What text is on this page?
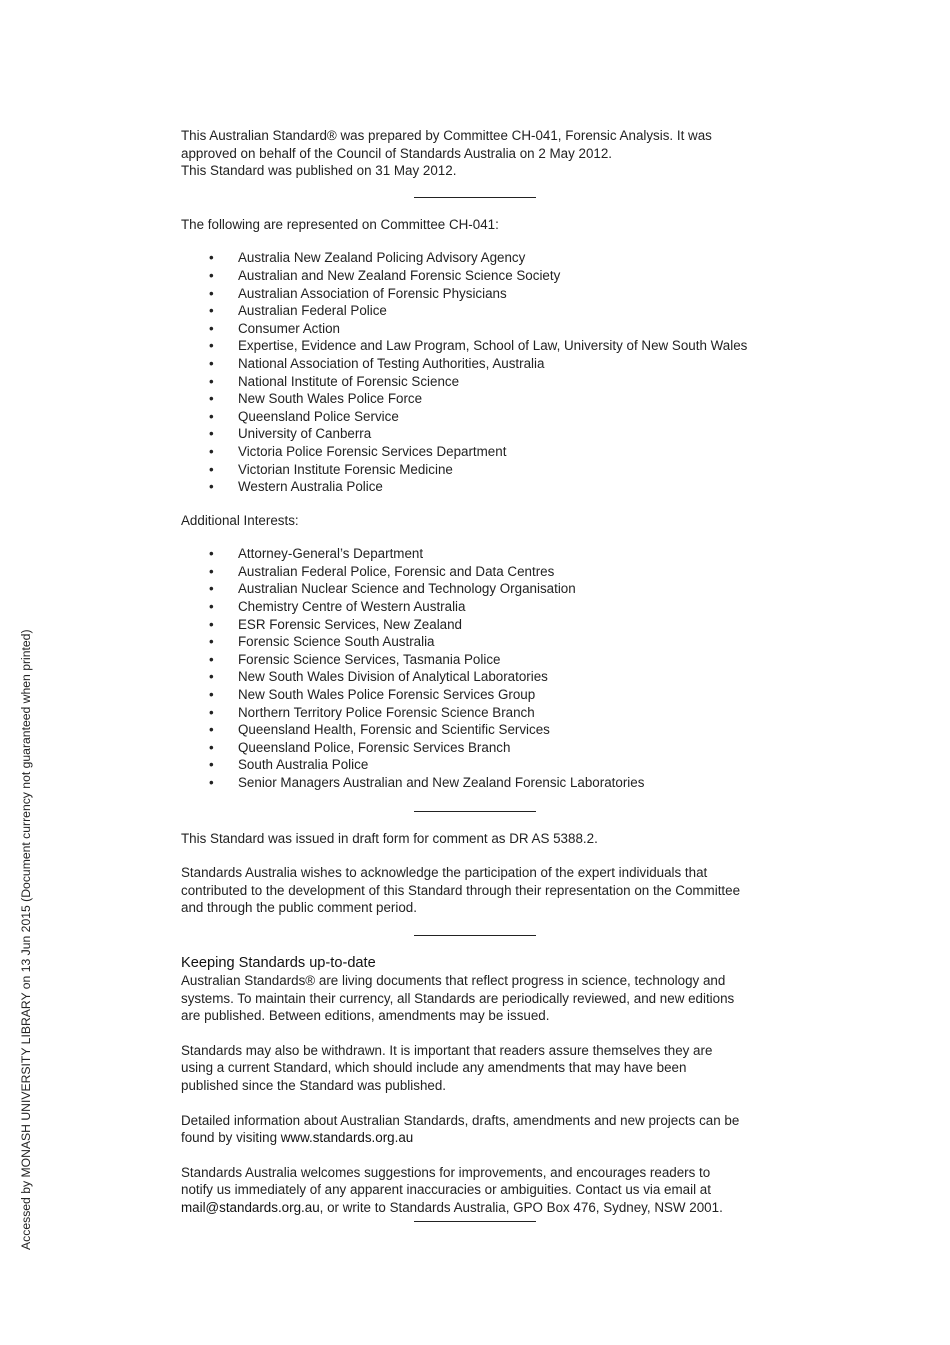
Accessed by MONASH UNIVERSITY LIBRARY on 13 Jun 2015 (Document currency not guaranteed when printed)

This Australian Standard® was prepared by Committee CH-041, Forensic Analysis. It was
approved on behalf of the Council of Standards Australia on 2 May 2012.
This Standard was published on 31 May 2012.

The following are represented on Committee CH-041:

• Australia New Zealand Policing Advisory Agency
• Australian and New Zealand Forensic Science Society
• Australian Association of Forensic Physicians
• Australian Federal Police
• Consumer Action
• Expertise, Evidence and Law Program, School of Law, University of New South Wales
• National Association of Testing Authorities, Australia
• National Institute of Forensic Science
• New South Wales Police Force
• Queensland Police Service
• University of Canberra
• Victoria Police Forensic Services Department
• Victorian Institute Forensic Medicine
• Western Australia Police

Additional Interests:

• Attorney-General’s Department
• Australian Federal Police, Forensic and Data Centres
• Australian Nuclear Science and Technology Organisation
• Chemistry Centre of Western Australia
• ESR Forensic Services, New Zealand
• Forensic Science South Australia
• Forensic Science Services, Tasmania Police
• New South Wales Division of Analytical Laboratories
• New South Wales Police Forensic Services Group
• Northern Territory Police Forensic Science Branch
• Queensland Health, Forensic and Scientific Services
• Queensland Police, Forensic Services Branch
• South Australia Police
• Senior Managers Australian and New Zealand Forensic Laboratories

This Standard was issued in draft form for comment as DR AS 5388.2.

Standards Australia wishes to acknowledge the participation of the expert individuals that
contributed to the development of this Standard through their representation on the Committee
and through the public comment period.

Keeping Standards up-to-date

Australian Standards® are living documents that reflect progress in science, technology and
systems. To maintain their currency, all Standards are periodically reviewed, and new editions
are published. Between editions, amendments may be issued.

Standards may also be withdrawn. It is important that readers assure themselves they are
using a current Standard, which should include any amendments that may have been
published since the Standard was published.

Detailed information about Australian Standards, drafts, amendments and new projects can be
found by visiting www.standards.org.au

Standards Australia welcomes suggestions for improvements, and encourages readers to
notify us immediately of any apparent inaccuracies or ambiguities. Contact us via email at
mail@standards.org.au, or write to Standards Australia, GPO Box 476, Sydney, NSW 2001.
